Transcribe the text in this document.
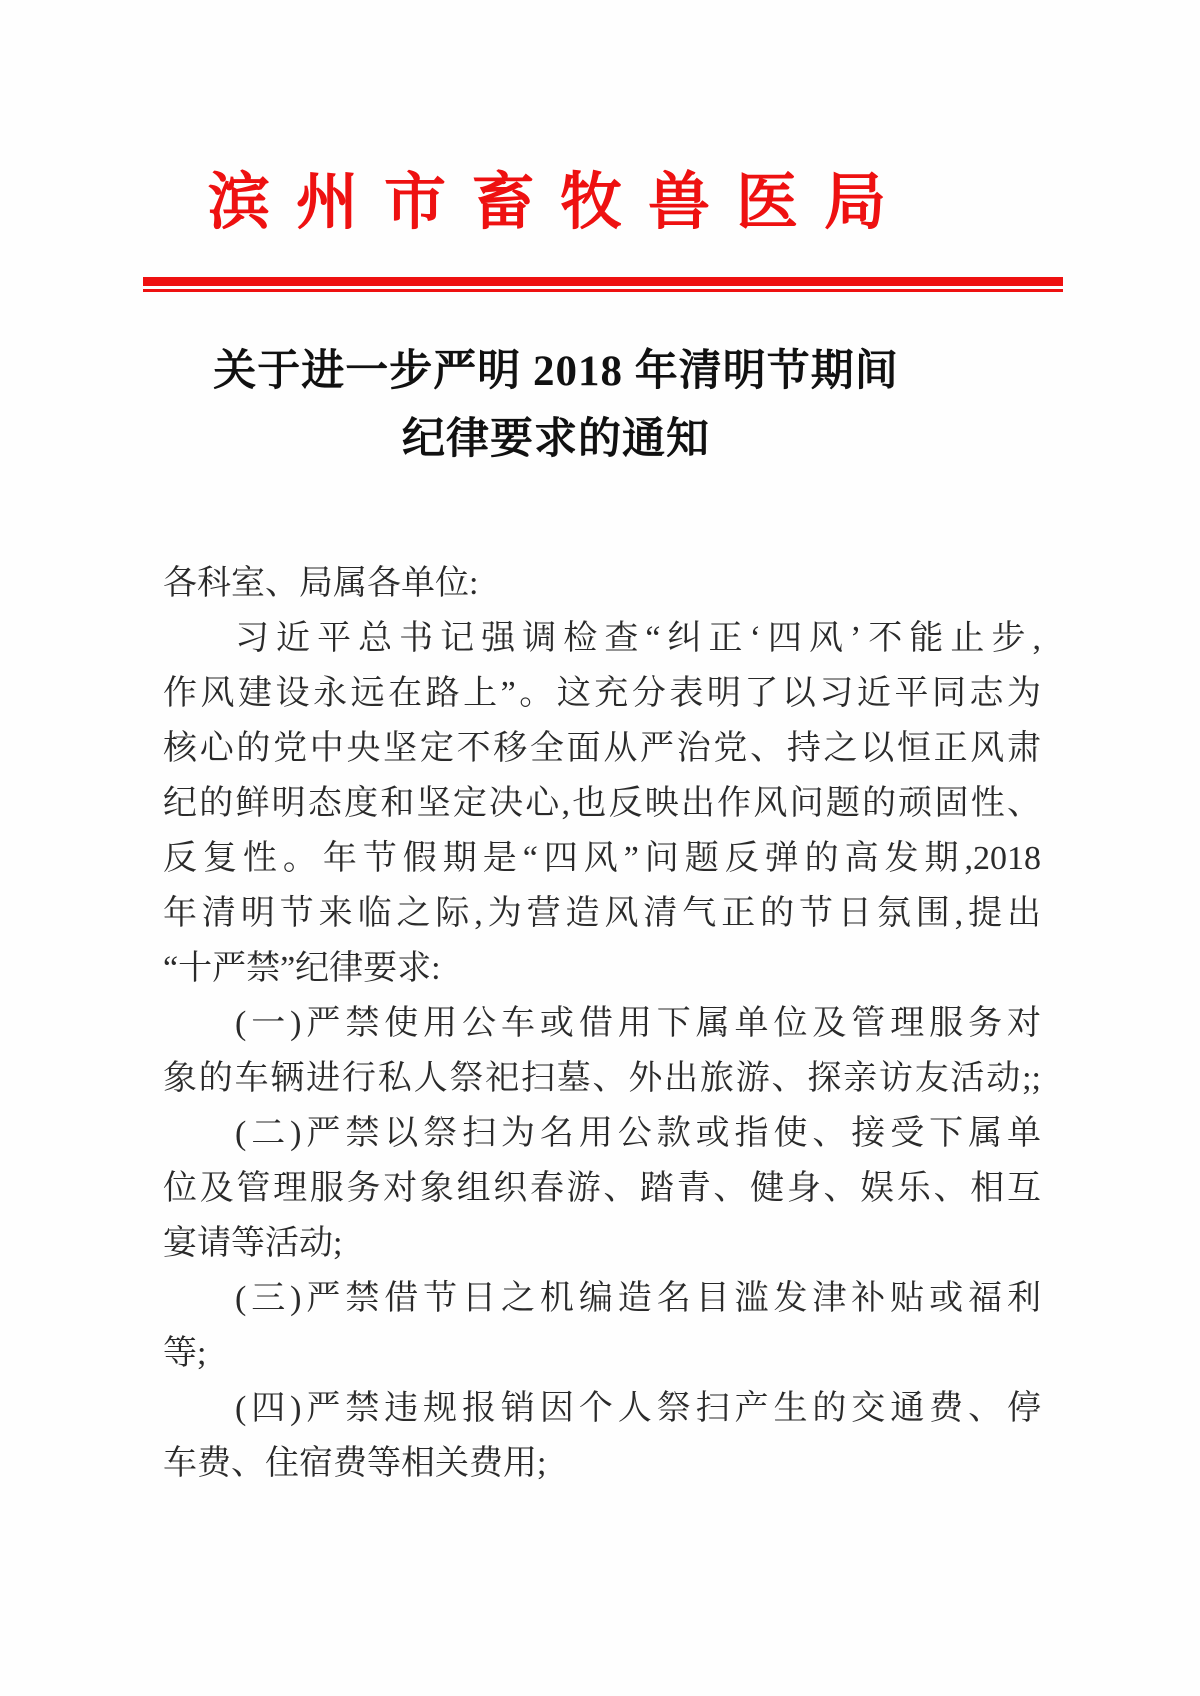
滨州市畜牧兽医局
关于进一步严明 2018 年清明节期间
纪律要求的通知
各科室、局属各单位:
习近平总书记强调检查“纠正‘四风’不能止步,
作风建设永远在路上”。这充分表明了以习近平同志为
核心的党中央坚定不移全面从严治党、持之以恒正风肃
纪的鲜明态度和坚定决心,也反映出作风问题的顽固性、
反复性。年节假期是“四风”问题反弹的高发期,2018
年清明节来临之际,为营造风清气正的节日氛围,提出
“十严禁”纪律要求:
(一)严禁使用公车或借用下属单位及管理服务对
象的车辆进行私人祭祀扫墓、外出旅游、探亲访友活动;;
(二)严禁以祭扫为名用公款或指使、接受下属单
位及管理服务对象组织春游、踏青、健身、娱乐、相互
宴请等活动;
(三)严禁借节日之机编造名目滥发津补贴或福利
等;
(四)严禁违规报销因个人祭扫产生的交通费、停
车费、住宿费等相关费用;
